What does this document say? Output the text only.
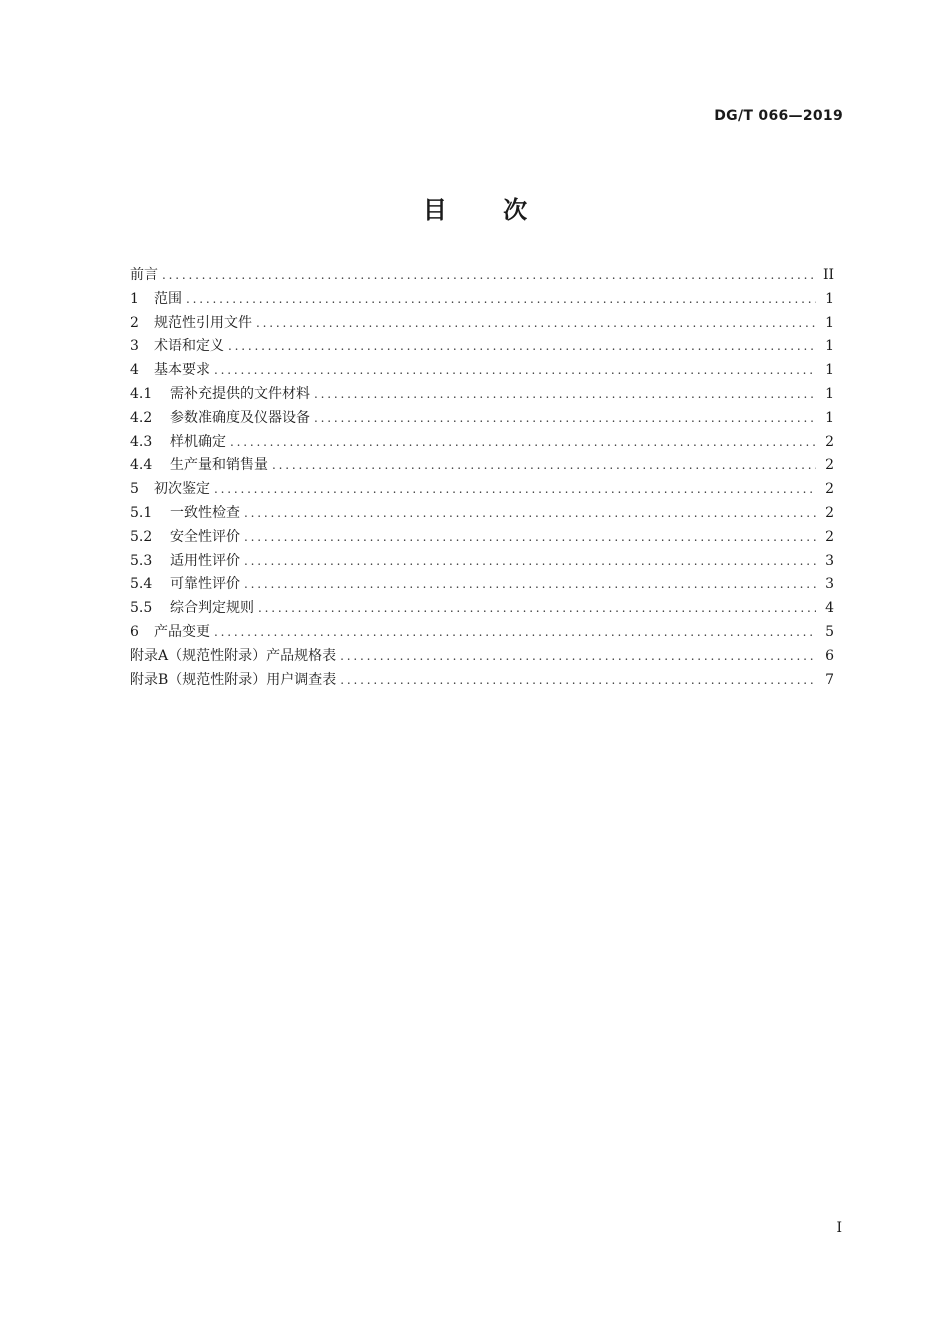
DG/T 066—2019
目 次
前言 .....	II
1	范围 .....	1
2	规范性引用文件 .....	1
3	术语和定义 .....	1
4	基本要求 .....	1
4.1	需补充提供的文件材料 .....	1
4.2	参数准确度及仪器设备 .....	1
4.3	样机确定 .....	2
4.4	生产量和销售量 .....	2
5	初次鉴定 .....	2
5.1	一致性检查 .....	2
5.2	安全性评价 .....	2
5.3	适用性评价 .....	3
5.4	可靠性评价 .....	3
5.5	综合判定规则 .....	4
6	产品变更 .....	5
附录A（规范性附录）产品规格表 .....	6
附录B（规范性附录）用户调查表 .....	7
I
